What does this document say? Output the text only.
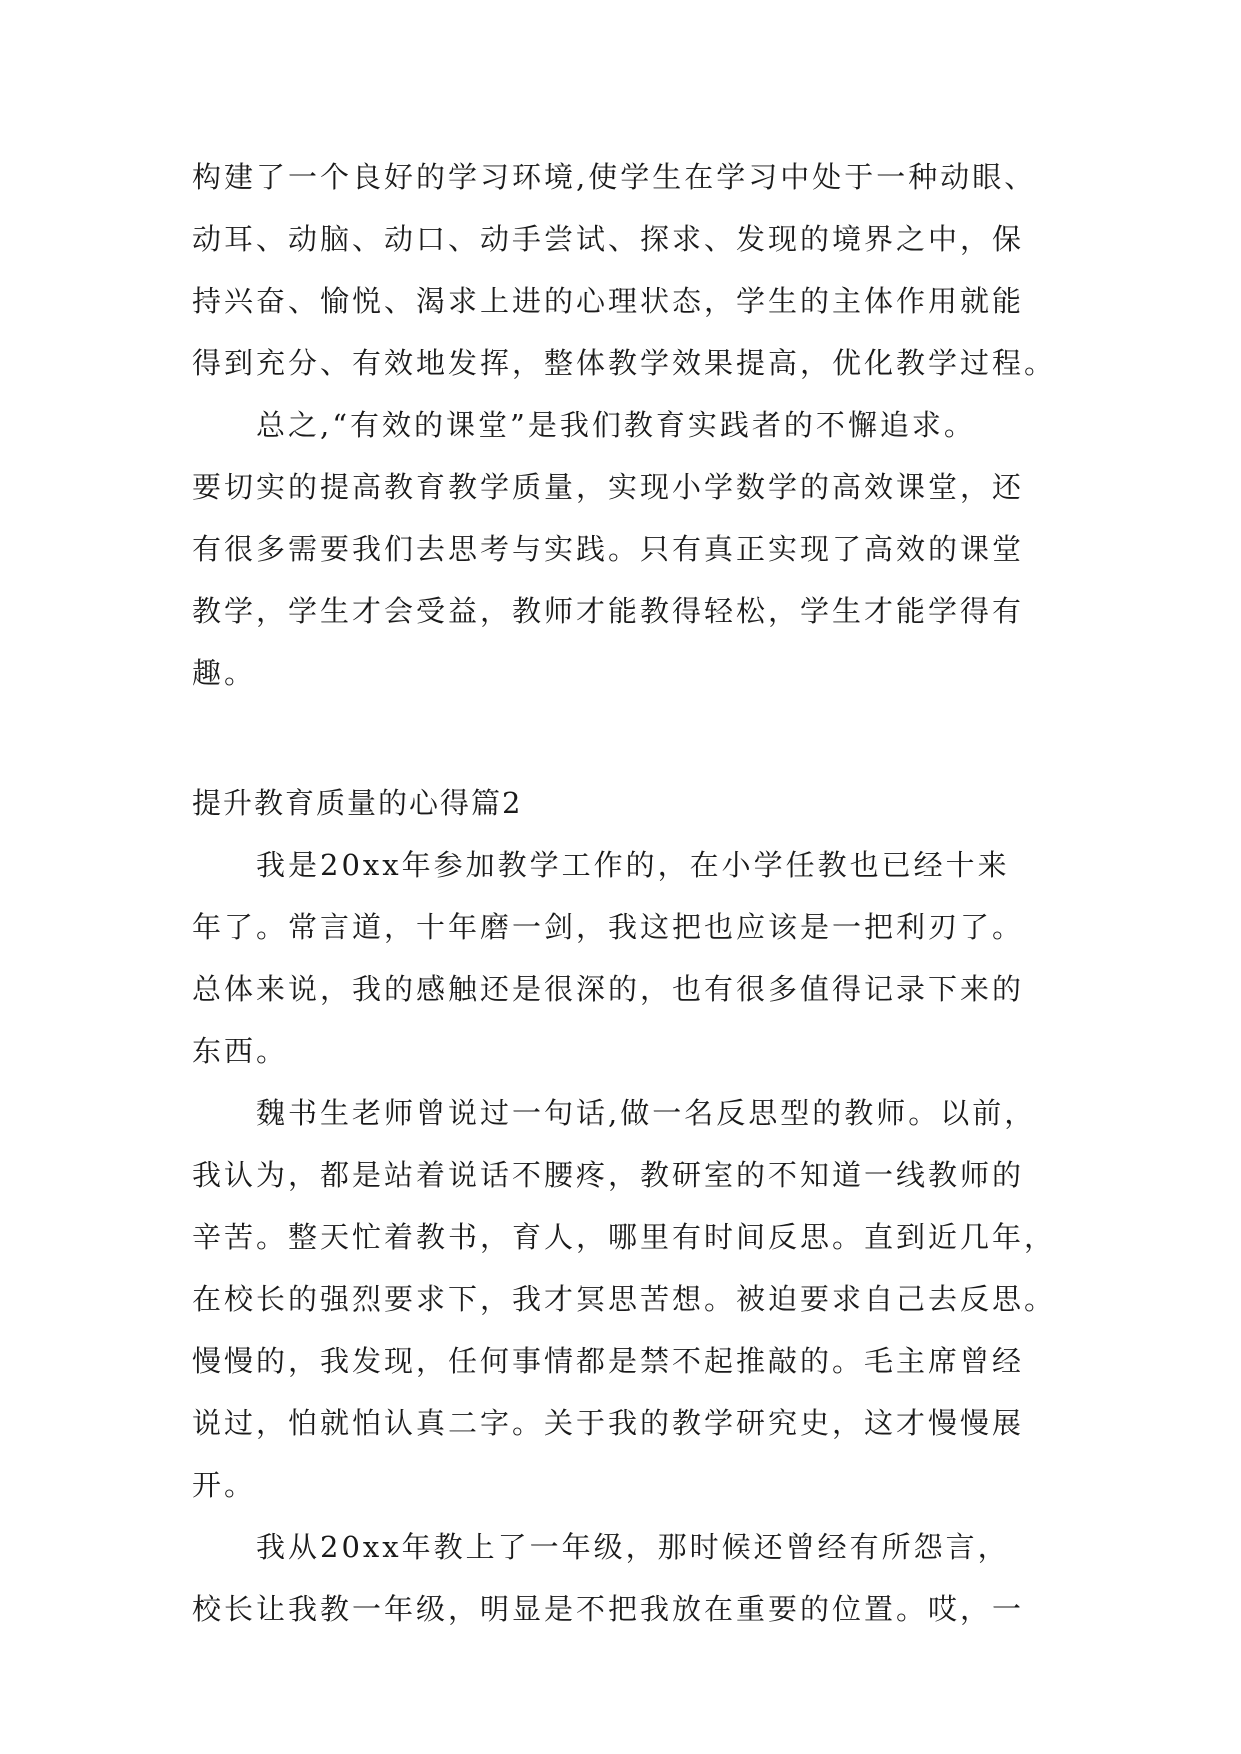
构建了一个良好的学习环境,使学生在学习中处于一种动眼、
动耳、动脑、动口、动手尝试、探求、发现的境界之中，保
持兴奋、愉悦、渴求上进的心理状态，学生的主体作用就能
得到充分、有效地发挥，整体教学效果提高，优化教学过程。
总之,“有效的课堂”是我们教育实践者的不懈追求。
要切实的提高教育教学质量，实现小学数学的高效课堂，还
有很多需要我们去思考与实践。只有真正实现了高效的课堂
教学，学生才会受益，教师才能教得轻松，学生才能学得有
趣。
提升教育质量的心得篇2
我是20xx年参加教学工作的，在小学任教也已经十来
年了。常言道，十年磨一剑，我这把也应该是一把利刃了。
总体来说，我的感触还是很深的，也有很多值得记录下来的
东西。
魏书生老师曾说过一句话,做一名反思型的教师。以前，
我认为，都是站着说话不腰疼，教研室的不知道一线教师的
辛苦。整天忙着教书，育人，哪里有时间反思。直到近几年，
在校长的强烈要求下，我才冥思苦想。被迫要求自己去反思。
慢慢的，我发现，任何事情都是禁不起推敲的。毛主席曾经
说过，怕就怕认真二字。关于我的教学研究史，这才慢慢展
开。
我从20xx年教上了一年级，那时候还曾经有所怨言，
校长让我教一年级，明显是不把我放在重要的位置。哎，一
